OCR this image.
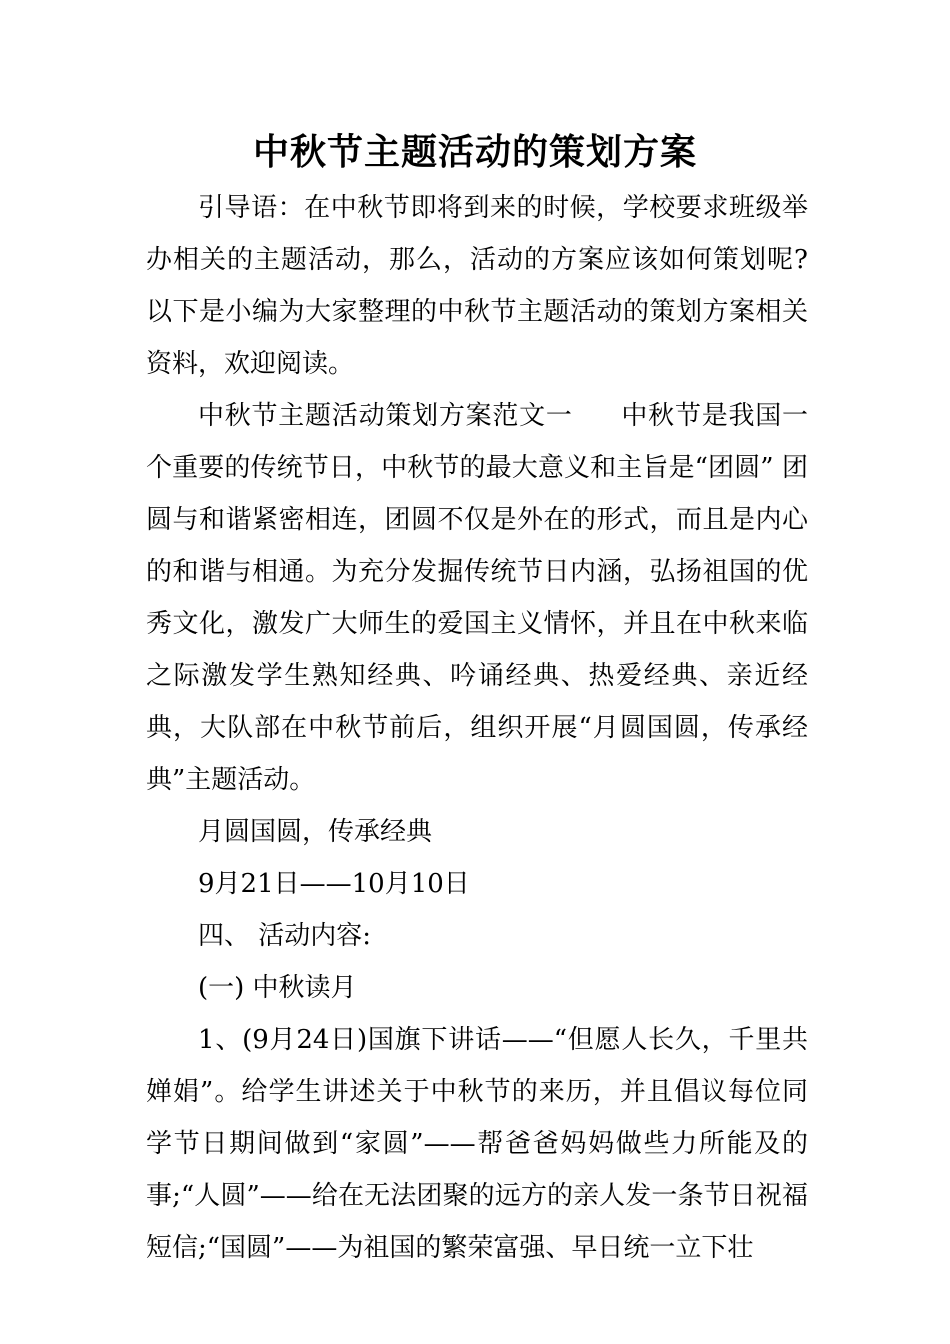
中秋节主题活动的策划方案

引导语：在中秋节即将到来的时候，学校要求班级举办相关的主题活动，那么，活动的方案应该如何策划呢?以下是小编为大家整理的中秋节主题活动的策划方案相关资料，欢迎阅读。

中秋节主题活动策划方案范文一 中秋节是我国一个重要的传统节日，中秋节的最大意义和主旨是“团圆” 团圆与和谐紧密相连，团圆不仅是外在的形式，而且是内心的和谐与相通。为充分发掘传统节日内涵，弘扬祖国的优秀文化，激发广大师生的爱国主义情怀，并且在中秋来临之际激发学生熟知经典、吟诵经典、热爱经典、亲近经典，大队部在中秋节前后，组织开展“月圆国圆，传承经典”主题活动。

月圆国圆，传承经典

9月21日——10月10日

四、 活动内容:

(一) 中秋读月

1、(9月24日)国旗下讲话——“但愿人长久，千里共婵娟”。给学生讲述关于中秋节的来历，并且倡议每位同学节日期间做到“家圆”——帮爸爸妈妈做些力所能及的事;“人圆”——给在无法团聚的远方的亲人发一条节日祝福短信;“国圆”——为祖国的繁荣富强、早日统一立下壮
